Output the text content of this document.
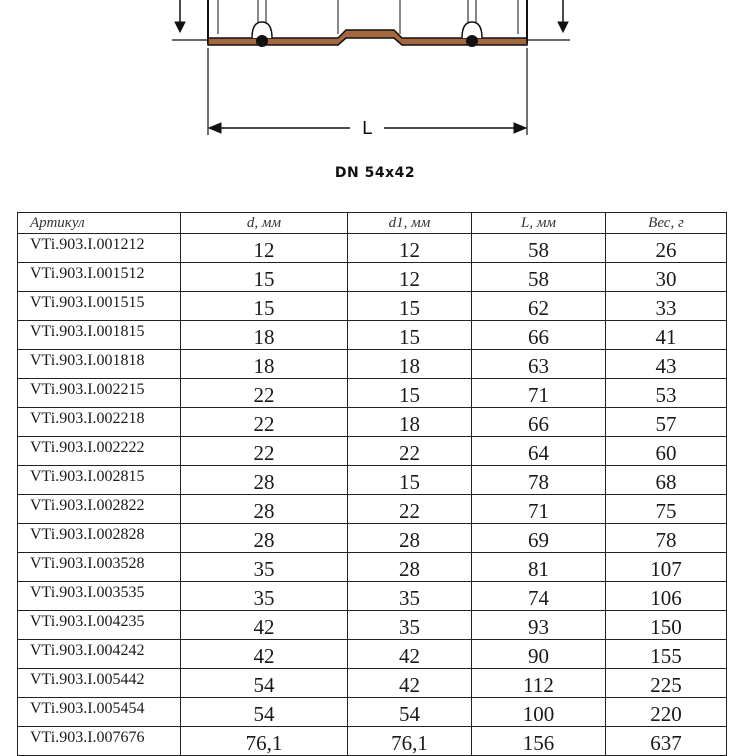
L
DN 54x42
Артикул	d, мм	d1, мм	L, мм	Вес, г
VTi.903.I.001212	12	12	58	26
VTi.903.I.001512	15	12	58	30
VTi.903.I.001515	15	15	62	33
VTi.903.I.001815	18	15	66	41
VTi.903.I.001818	18	18	63	43
VTi.903.I.002215	22	15	71	53
VTi.903.I.002218	22	18	66	57
VTi.903.I.002222	22	22	64	60
VTi.903.I.002815	28	15	78	68
VTi.903.I.002822	28	22	71	75
VTi.903.I.002828	28	28	69	78
VTi.903.I.003528	35	28	81	107
VTi.903.I.003535	35	35	74	106
VTi.903.I.004235	42	35	93	150
VTi.903.I.004242	42	42	90	155
VTi.903.I.005442	54	42	112	225
VTi.903.I.005454	54	54	100	220
VTi.903.I.007676	76,1	76,1	156	637
